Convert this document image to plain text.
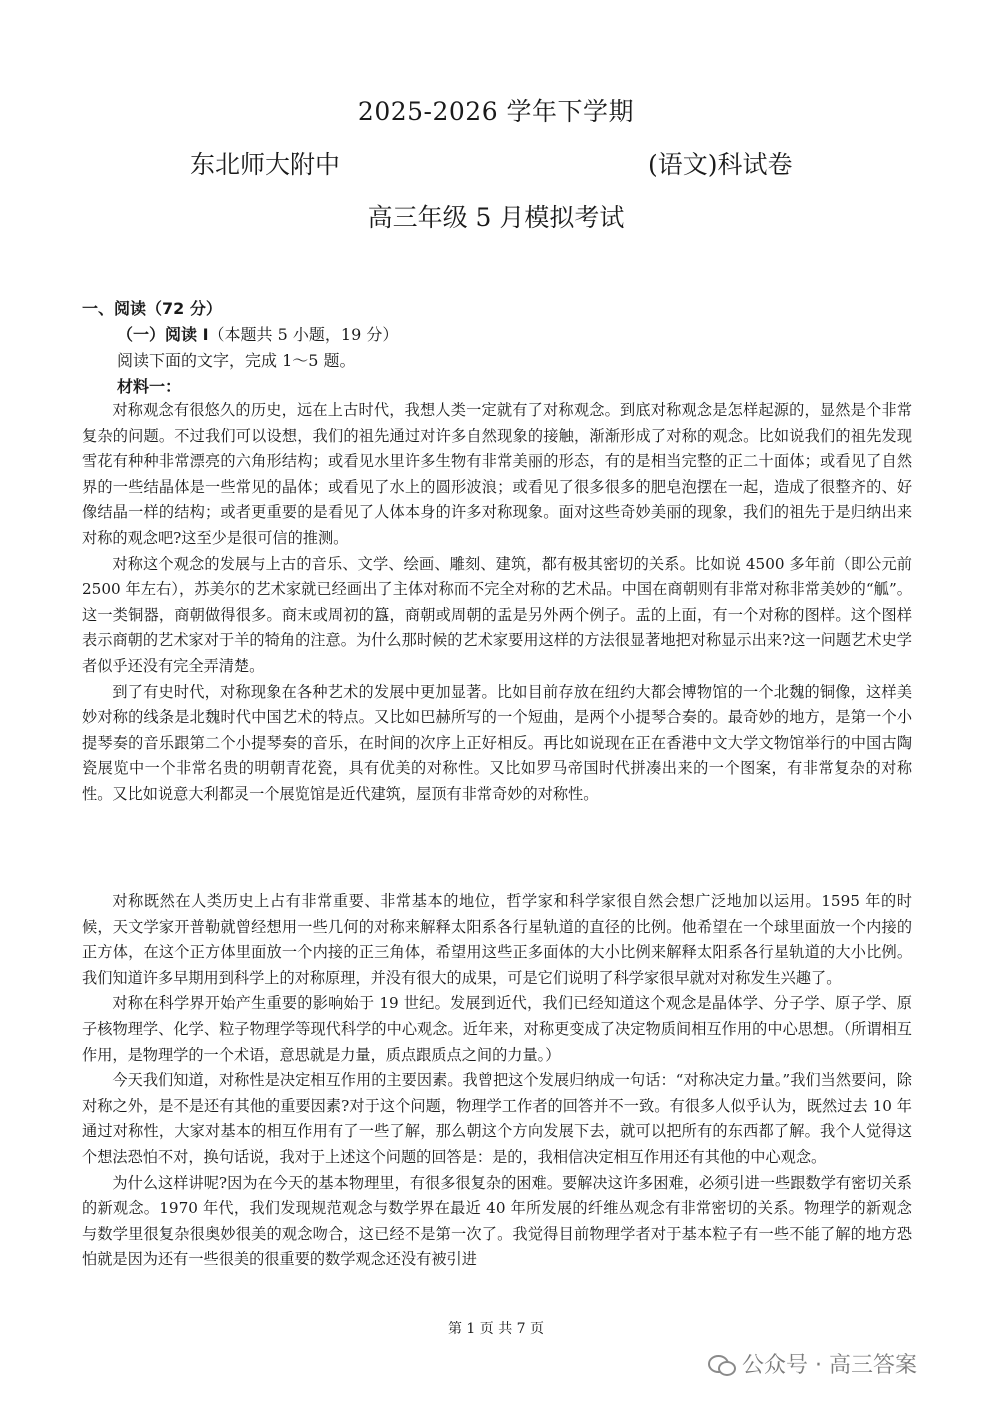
2025-2026 学年下学期
东北师大附中	(语文)科试卷
高三年级 5 月模拟考试
一、阅读（72 分）
（一）阅读 I（本题共 5 小题，19 分）
阅读下面的文字，完成 1～5 题。
材料一：

对称观念有很悠久的历史，远在上古时代，我想人类一定就有了对称观念。到底对称观念是怎样起源的，显然是个非常复杂的问题。不过我们可以设想，我们的祖先通过对许多自然现象的接触，渐渐形成了对称的观念。比如说我们的祖先发现雪花有种种非常漂亮的六角形结构；或看见水里许多生物有非常美丽的形态，有的是相当完整的正二十面体；或看见了自然界的一些结晶体是一些常见的晶体；或看见了水上的圆形波浪；或看见了很多很多的肥皂泡摆在一起，造成了很整齐的、好像结晶一样的结构；或者更重要的是看见了人体本身的许多对称现象。面对这些奇妙美丽的现象，我们的祖先于是归纳出来对称的观念吧?这至少是很可信的推测。

对称这个观念的发展与上古的音乐、文学、绘画、雕刻、建筑，都有极其密切的关系。比如说 4500 多年前（即公元前 2500 年左右），苏美尔的艺术家就已经画出了主体对称而不完全对称的艺术品。中国在商朝则有非常对称非常美妙的“觚”。这一类铜器，商朝做得很多。商末或周初的簋，商朝或周朝的盂是另外两个例子。盂的上面，有一个对称的图样。这个图样表示商朝的艺术家对于羊的犄角的注意。为什么那时候的艺术家要用这样的方法很显著地把对称显示出来?这一问题艺术史学者似乎还没有完全弄清楚。

到了有史时代，对称现象在各种艺术的发展中更加显著。比如目前存放在纽约大都会博物馆的一个北魏的铜像，这样美妙对称的线条是北魏时代中国艺术的特点。又比如巴赫所写的一个短曲，是两个小提琴合奏的。最奇妙的地方，是第一个小提琴奏的音乐跟第二个小提琴奏的音乐，在时间的次序上正好相反。再比如说现在正在香港中文大学文物馆举行的中国古陶瓷展览中一个非常名贵的明朝青花瓷，具有优美的对称性。又比如罗马帝国时代拼凑出来的一个图案，有非常复杂的对称性。又比如说意大利都灵一个展览馆是近代建筑，屋顶有非常奇妙的对称性。

对称既然在人类历史上占有非常重要、非常基本的地位，哲学家和科学家很自然会想广泛地加以运用。1595 年的时候，天文学家开普勒就曾经想用一些几何的对称来解释太阳系各行星轨道的直径的比例。他希望在一个球里面放一个内接的正方体，在这个正方体里面放一个内接的正三角体，希望用这些正多面体的大小比例来解释太阳系各行星轨道的大小比例。我们知道许多早期用到科学上的对称原理，并没有很大的成果，可是它们说明了科学家很早就对对称发生兴趣了。

对称在科学界开始产生重要的影响始于 19 世纪。发展到近代，我们已经知道这个观念是晶体学、分子学、原子学、原子核物理学、化学、粒子物理学等现代科学的中心观念。近年来，对称更变成了决定物质间相互作用的中心思想。（所谓相互作用，是物理学的一个术语，意思就是力量，质点跟质点之间的力量。）

今天我们知道，对称性是决定相互作用的主要因素。我曾把这个发展归纳成一句话：“对称决定力量。”我们当然要问，除对称之外，是不是还有其他的重要因素?对于这个问题，物理学工作者的回答并不一致。有很多人似乎认为，既然过去 10 年通过对称性，大家对基本的相互作用有了一些了解，那么朝这个方向发展下去，就可以把所有的东西都了解。我个人觉得这个想法恐怕不对，换句话说，我对于上述这个问题的回答是：是的，我相信决定相互作用还有其他的中心观念。

为什么这样讲呢?因为在今天的基本物理里，有很多很复杂的困难。要解决这许多困难，必须引进一些跟数学有密切关系的新观念。1970 年代，我们发现规范观念与数学界在最近 40 年所发展的纤维丛观念有非常密切的关系。物理学的新观念与数学里很复杂很奥妙很美的观念吻合，这已经不是第一次了。我觉得目前物理学者对于基本粒子有一些不能了解的地方恐怕就是因为还有一些很美的很重要的数学观念还没有被引进

第 1 页 共 7 页
公众号 · 高三答案
